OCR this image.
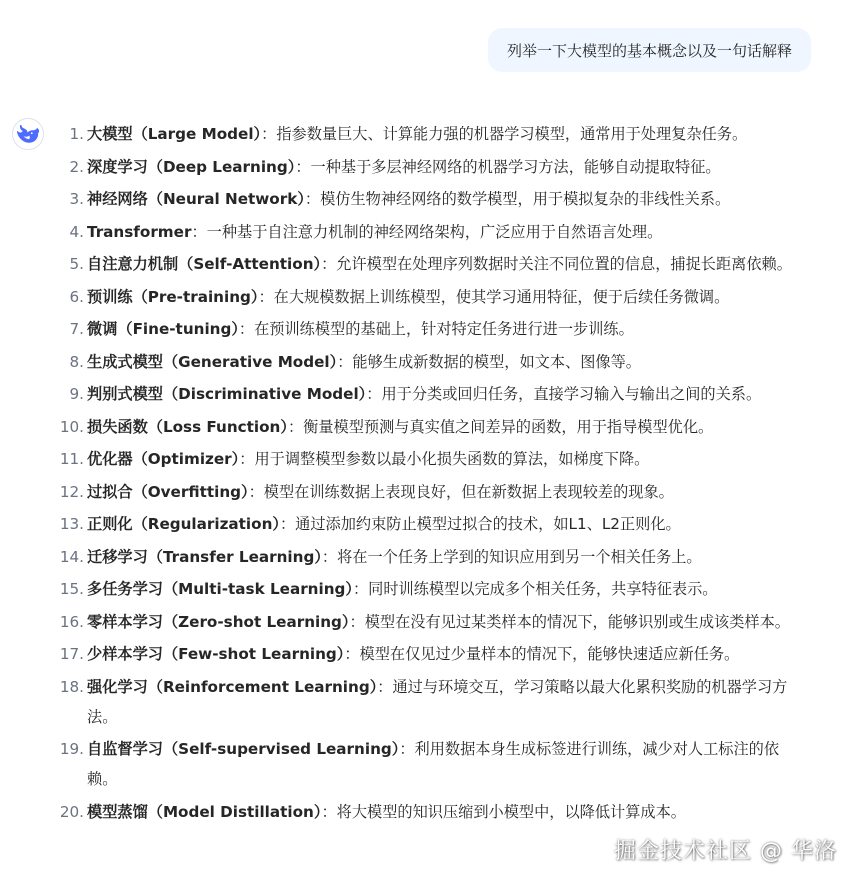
列举一下大模型的基本概念以及一句话解释
1. 大模型（Large Model）：指参数量巨大、计算能力强的机器学习模型，通常用于处理复杂任务。
2. 深度学习（Deep Learning）：一种基于多层神经网络的机器学习方法，能够自动提取特征。
3. 神经网络（Neural Network）：模仿生物神经网络的数学模型，用于模拟复杂的非线性关系。
4. Transformer：一种基于自注意力机制的神经网络架构，广泛应用于自然语言处理。
5. 自注意力机制（Self-Attention）：允许模型在处理序列数据时关注不同位置的信息，捕捉长距离依赖。
6. 预训练（Pre-training）：在大规模数据上训练模型，使其学习通用特征，便于后续任务微调。
7. 微调（Fine-tuning）：在预训练模型的基础上，针对特定任务进行进一步训练。
8. 生成式模型（Generative Model）：能够生成新数据的模型，如文本、图像等。
9. 判别式模型（Discriminative Model）：用于分类或回归任务，直接学习输入与输出之间的关系。
10. 损失函数（Loss Function）：衡量模型预测与真实值之间差异的函数，用于指导模型优化。
11. 优化器（Optimizer）：用于调整模型参数以最小化损失函数的算法，如梯度下降。
12. 过拟合（Overfitting）：模型在训练数据上表现良好，但在新数据上表现较差的现象。
13. 正则化（Regularization）：通过添加约束防止模型过拟合的技术，如L1、L2正则化。
14. 迁移学习（Transfer Learning）：将在一个任务上学到的知识应用到另一个相关任务上。
15. 多任务学习（Multi-task Learning）：同时训练模型以完成多个相关任务，共享特征表示。
16. 零样本学习（Zero-shot Learning）：模型在没有见过某类样本的情况下，能够识别或生成该类样本。
17. 少样本学习（Few-shot Learning）：模型在仅见过少量样本的情况下，能够快速适应新任务。
18. 强化学习（Reinforcement Learning）：通过与环境交互，学习策略以最大化累积奖励的机器学习方法。
19. 自监督学习（Self-supervised Learning）：利用数据本身生成标签进行训练，减少对人工标注的依赖。
20. 模型蒸馏（Model Distillation）：将大模型的知识压缩到小模型中，以降低计算成本。
掘金技术社区 @ 华洛
